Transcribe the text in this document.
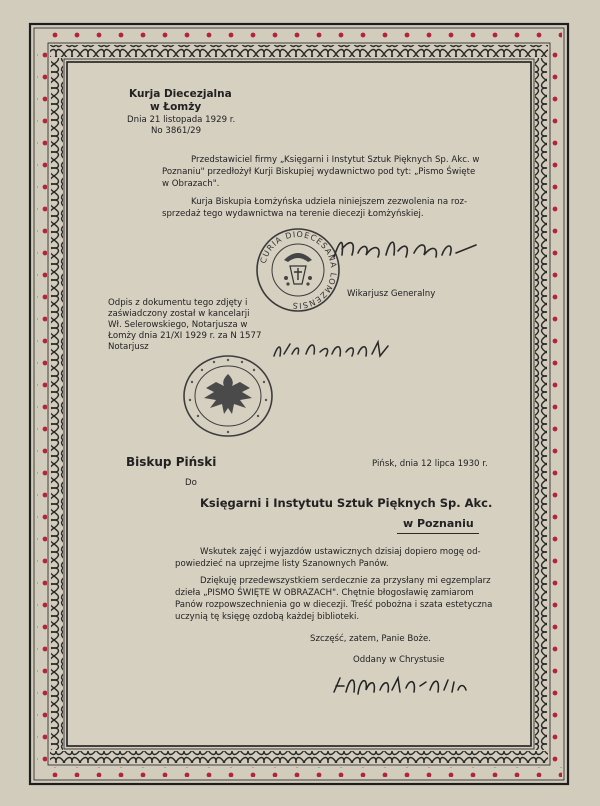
Kurja Diecezjalna
w Łomży
Dnia 21 listopada 1929 r.
No 3861/29
Przedstawiciel firmy „Księgarni i Instytut Sztuk Pięknych Sp. Akc. w
Poznaniu" przedłożył Kurji Biskupiej wydawnictwo pod tyt: „Pismo Święte
w Obrazach".
Kurja Biskupia Łomżyńska udziela niniejszem zezwolenia na roz-
sprzedaż tego wydawnictwa na terenie diecezji Łomżyńskiej.
CURIA DIOECESANA LOMZENSIS
Wikarjusz Generalny
Odpis z dokumentu tego zdjęty i
zaświadczony został w kancelarji
Wł. Selerowskiego, Notarjusza w
Łomży dnia 21/XI 1929 r. za N 1577
Notarjusz
Biskup Piński	Pińsk, dnia 12 lipca 1930 r.
Do
Księgarni i Instytutu Sztuk Pięknych Sp. Akc.
w Poznaniu
Wskutek zajęć i wyjazdów ustawicznych dzisiaj dopiero mogę od-
powiedzieć na uprzejme listy Szanownych Panów.
Dziękuję przedewszystkiem serdecznie za przysłany mi egzemplarz
dzieła „PISMO ŚWIĘTE W OBRAZACH". Chętnie błogosławię zamiarom
Panów rozpowszechnienia go w diecezji. Treść pobożna i szata estetyczna
uczynią tę księgę ozdobą każdej biblioteki.
Szczęść, zatem, Panie Boże.
Oddany w Chrystusie
